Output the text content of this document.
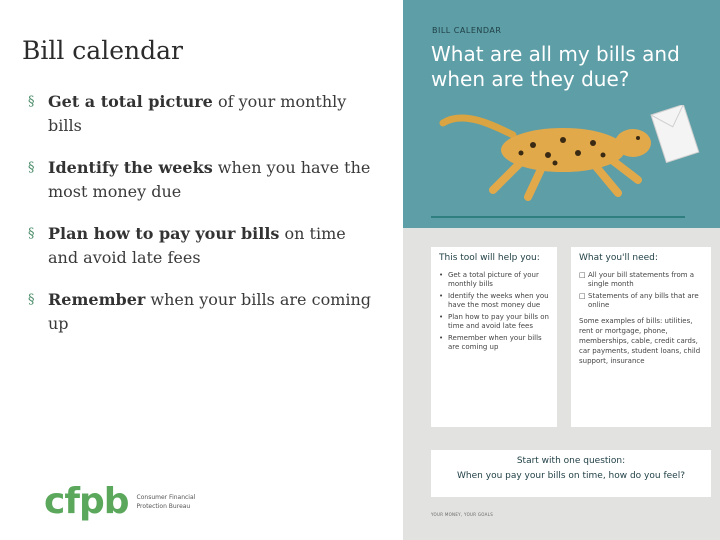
Bill calendar
§ Get a total picture of your monthly bills
§ Identify the weeks when you have the most money due
§ Plan how to pay your bills on time and avoid late fees
§ Remember when your bills are coming up
cfpb Consumer Financial
Protection Bureau
BILL CALENDAR
What are all my bills and when are they due?
This tool will help you:
• Get a total picture of your monthly bills
• Identify the weeks when you have the most money due
• Plan how to pay your bills on time and avoid late fees
• Remember when your bills are coming up
What you'll need:
□ All your bill statements from a single month
□ Statements of any bills that are online
Some examples of bills: utilities, rent or mortgage, phone, memberships, cable, credit cards, car payments, student loans, child support, insurance
Start with one question:
When you pay your bills on time, how do you feel?
YOUR MONEY, YOUR GOALS
